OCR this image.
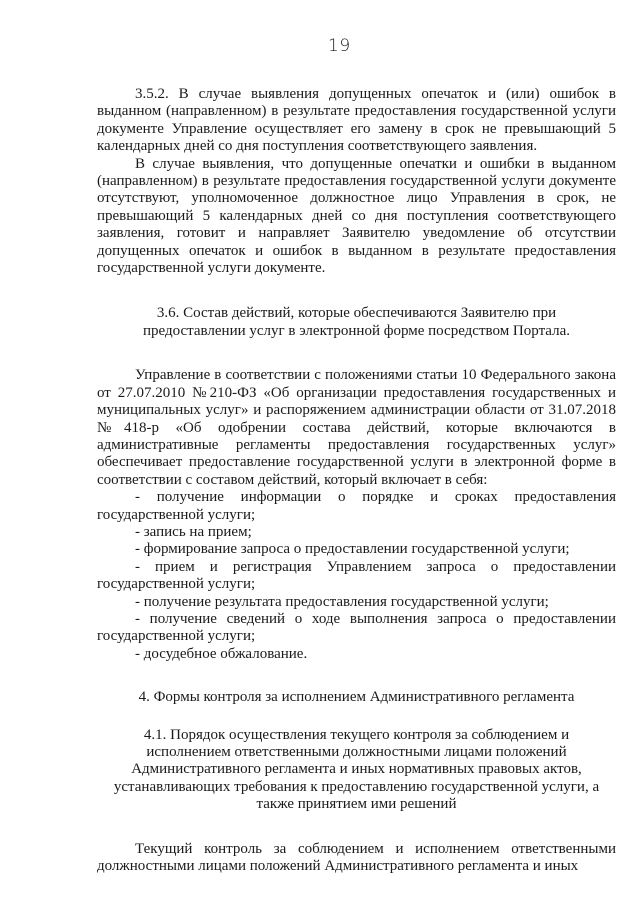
19

3.5.2. В случае выявления допущенных опечаток и (или) ошибок в выданном (направленном) в результате предоставления государственной услуги документе Управление осуществляет его замену в срок не превышающий 5 календарных дней со дня поступления соответствующего заявления.

В случае выявления, что допущенные опечатки и ошибки в выданном (направленном) в результате предоставления государственной услуги документе отсутствуют, уполномоченное должностное лицо Управления в срок, не превышающий 5 календарных дней со дня поступления соответствующего заявления, готовит и направляет Заявителю уведомление об отсутствии допущенных опечаток и ошибок в выданном в результате предоставления государственной услуги документе.

3.6. Состав действий, которые обеспечиваются Заявителю при

предоставлении услуг в электронной форме посредством Портала.

Управление в соответствии с положениями статьи 10 Федерального закона от 27.07.2010 №210-ФЗ «Об организации предоставления государственных и муниципальных услуг» и распоряжением администрации области от 31.07.2018 №418-р «Об одобрении состава действий, которые включаются в административные регламенты предоставления государственных услуг» обеспечивает предоставление государственной услуги в электронной форме в соответствии с составом действий, который включает в себя:

- получение информации о порядке и сроках предоставления государственной услуги;

- запись на прием;

- формирование запроса о предоставлении государственной услуги;

- прием и регистрация Управлением запроса о предоставлении государственной услуги;

- получение результата предоставления государственной услуги;

- получение сведений о ходе выполнения запроса о предоставлении государственной услуги;

- досудебное обжалование.

4. Формы контроля за исполнением Административного регламента

4.1. Порядок осуществления текущего контроля за соблюдением и

исполнением ответственными должностными лицами положений

Административного регламента и иных нормативных правовых актов,

устанавливающих требования к предоставлению государственной услуги, а

также принятием ими решений

Текущий контроль за соблюдением и исполнением ответственными должностными лицами положений Административного регламента и иных
